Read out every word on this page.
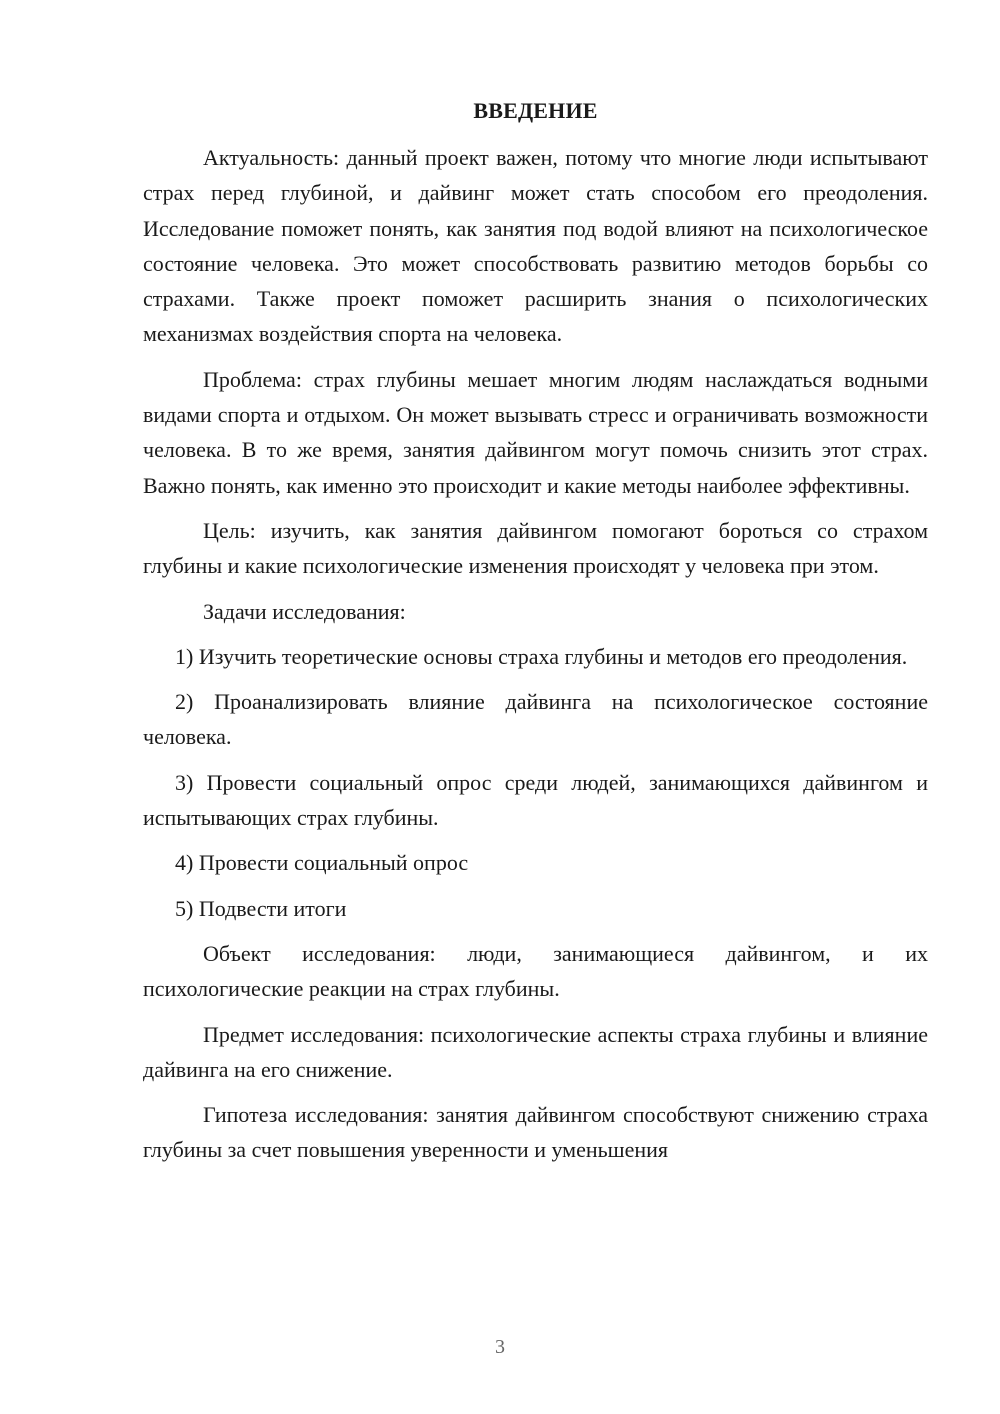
ВВЕДЕНИЕ

Актуальность: данный проект важен, потому что многие люди испытывают страх перед глубиной, и дайвинг может стать способом его преодоления. Исследование поможет понять, как занятия под водой влияют на психологическое состояние человека. Это может способствовать развитию методов борьбы со страхами. Также проект поможет расширить знания о психологических механизмах воздействия спорта на человека.

Проблема: страх глубины мешает многим людям наслаждаться водными видами спорта и отдыхом. Он может вызывать стресс и ограничивать возможности человека. В то же время, занятия дайвингом могут помочь снизить этот страх. Важно понять, как именно это происходит и какие методы наиболее эффективны.

Цель: изучить, как занятия дайвингом помогают бороться со страхом глубины и какие психологические изменения происходят у человека при этом.

Задачи исследования:

1) Изучить теоретические основы страха глубины и методов его преодоления.

2) Проанализировать влияние дайвинга на психологическое состояние человека.

3) Провести социальный опрос среди людей, занимающихся дайвингом и испытывающих страх глубины.

4) Провести социальный опрос

5) Подвести итоги

Объект исследования: люди, занимающиеся дайвингом, и их психологические реакции на страх глубины.

Предмет исследования: психологические аспекты страха глубины и влияние дайвинга на его снижение.

Гипотеза исследования: занятия дайвингом способствуют снижению страха глубины за счет повышения уверенности и уменьшения

3
